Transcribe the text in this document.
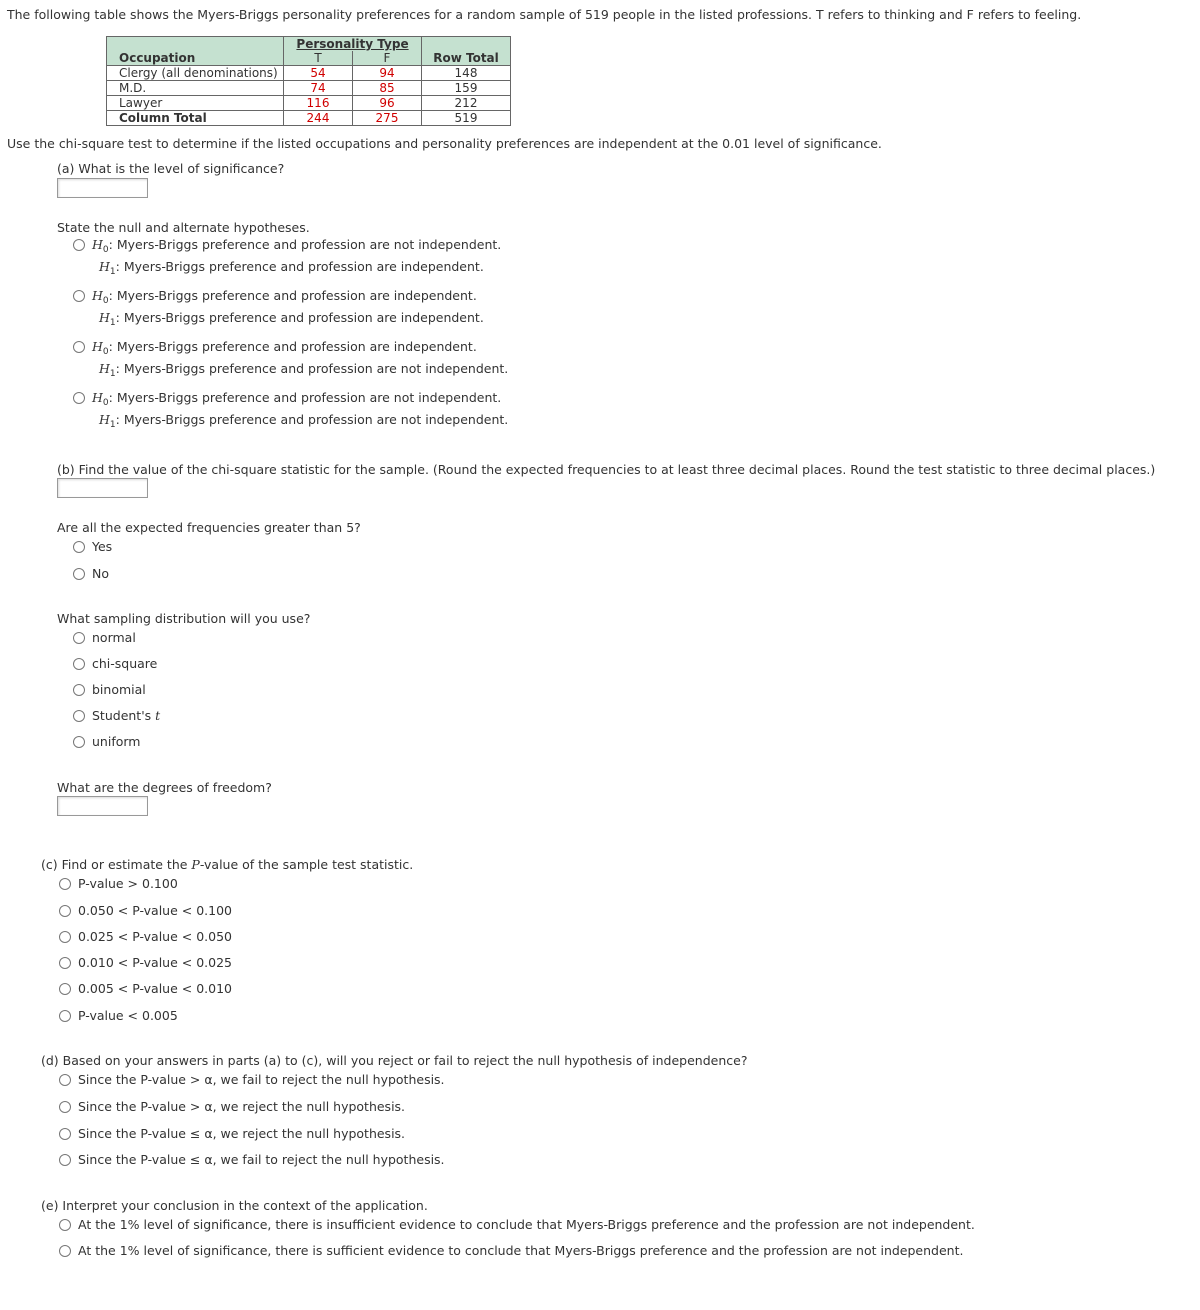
The following table shows the Myers-Briggs personality preferences for a random sample of 519 people in the listed professions. T refers to thinking and F refers to feeling.
Occupation	Personality Type		Row Total
	T	F	
Clergy (all denominations)	54	94	148
M.D.	74	85	159
Lawyer	116	96	212
Column Total	244	275	519
Use the chi-square test to determine if the listed occupations and personality preferences are independent at the 0.01 level of significance.
(a) What is the level of significance?
State the null and alternate hypotheses.
$H_0$: Myers-Briggs preference and profession are not independent.
$H_1$: Myers-Briggs preference and profession are independent.
$H_0$: Myers-Briggs preference and profession are independent.
$H_1$: Myers-Briggs preference and profession are independent.
$H_0$: Myers-Briggs preference and profession are independent.
$H_1$: Myers-Briggs preference and profession are not independent.
$H_0$: Myers-Briggs preference and profession are not independent.
$H_1$: Myers-Briggs preference and profession are not independent.
(b) Find the value of the chi-square statistic for the sample. (Round the expected frequencies to at least three decimal places. Round the test statistic to three decimal places.)
Are all the expected frequencies greater than 5?
Yes
No
What sampling distribution will you use?
normal
chi-square
binomial
Student's t
uniform
What are the degrees of freedom?
(c) Find or estimate the P-value of the sample test statistic.
P-value > 0.100
0.050 < P-value < 0.100
0.025 < P-value < 0.050
0.010 < P-value < 0.025
0.005 < P-value < 0.010
P-value < 0.005
(d) Based on your answers in parts (a) to (c), will you reject or fail to reject the null hypothesis of independence?
Since the P-value > α, we fail to reject the null hypothesis.
Since the P-value > α, we reject the null hypothesis.
Since the P-value ≤ α, we reject the null hypothesis.
Since the P-value ≤ α, we fail to reject the null hypothesis.
(e) Interpret your conclusion in the context of the application.
At the 1% level of significance, there is insufficient evidence to conclude that Myers-Briggs preference and the profession are not independent.
At the 1% level of significance, there is sufficient evidence to conclude that Myers-Briggs preference and the profession are not independent.
